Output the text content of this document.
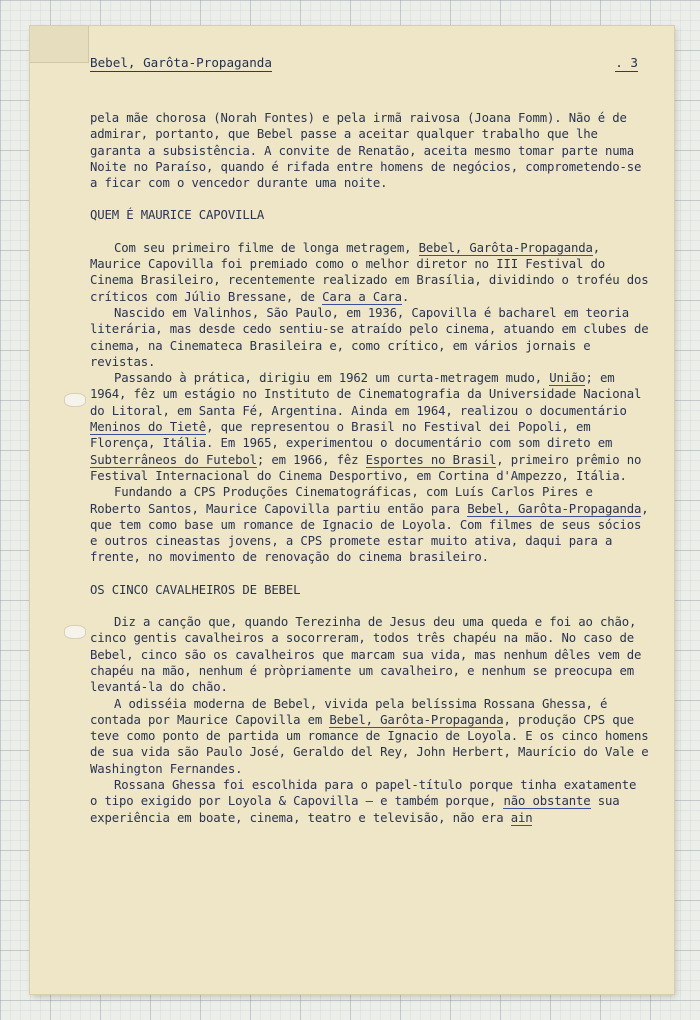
Bebel, Garôta-Propaganda	. 3

pela mãe chorosa (Norah Fontes) e pela irmã raivosa (Joana Fomm). Não é de admirar, portanto, que Bebel passe a aceitar qualquer trabalho que lhe garanta a subsistência. A convite de Renatão, aceita mesmo tomar parte numa Noite no Paraíso, quando é rifada entre homens de negócios, comprometendo-se a ficar com o vencedor durante uma noite.

QUEM É MAURICE CAPOVILLA

Com seu primeiro filme de longa metragem, Bebel, Garôta-Propaganda, Maurice Capovilla foi premiado como o melhor diretor no III Festival do Cinema Brasileiro, recentemente realizado em Brasília, dividindo o troféu dos críticos com Júlio Bressane, de Cara a Cara.

Nascido em Valinhos, São Paulo, em 1936, Capovilla é bacharel em teoria literária, mas desde cedo sentiu-se atraído pelo cinema, atuando em clubes de cinema, na Cinemateca Brasileira e, como crítico, em vários jornais e revistas.

Passando à prática, dirigiu em 1962 um curta-metragem mudo, União; em 1964, fêz um estágio no Instituto de Cinematografia da Universidade Nacional do Litoral, em Santa Fé, Argentina. Ainda em 1964, realizou o documentário Meninos do Tietê, que representou o Brasil no Festival dei Popoli, em Florença, Itália. Em 1965, experimentou o documentário com som direto em Subterrâneos do Futebol; em 1966, fêz Esportes no Brasil, primeiro prêmio no Festival Internacional do Cinema Desportivo, em Cortina d'Ampezzo, Itália.

Fundando a CPS Produções Cinematográficas, com Luís Carlos Pires e Roberto Santos, Maurice Capovilla partiu então para Bebel, Garôta-Propaganda, que tem como base um romance de Ignacio de Loyola. Com filmes de seus sócios e outros cineastas jovens, a CPS promete estar muito ativa, daqui para a frente, no movimento de renovação do cinema brasileiro.

OS CINCO CAVALHEIROS DE BEBEL

Diz a canção que, quando Terezinha de Jesus deu uma queda e foi ao chão, cinco gentis cavalheiros a socorreram, todos três chapéu na mão. No caso de Bebel, cinco são os cavalheiros que marcam sua vida, mas nenhum dêles vem de chapéu na mão, nenhum é pròpriamente um cavalheiro, e nenhum se preocupa em levantá-la do chão.

A odisséia moderna de Bebel, vivida pela belíssima Rossana Ghessa, é contada por Maurice Capovilla em Bebel, Garôta-Propaganda, produção CPS que teve como ponto de partida um romance de Ignacio de Loyola. E os cinco homens de sua vida são Paulo José, Geraldo del Rey, John Herbert, Maurício do Vale e Washington Fernandes.

Rossana Ghessa foi escolhida para o papel-título porque tinha exatamente o tipo exigido por Loyola & Capovilla — e também porque, não obstante sua experiência em boate, cinema, teatro e televisão, não era ain
